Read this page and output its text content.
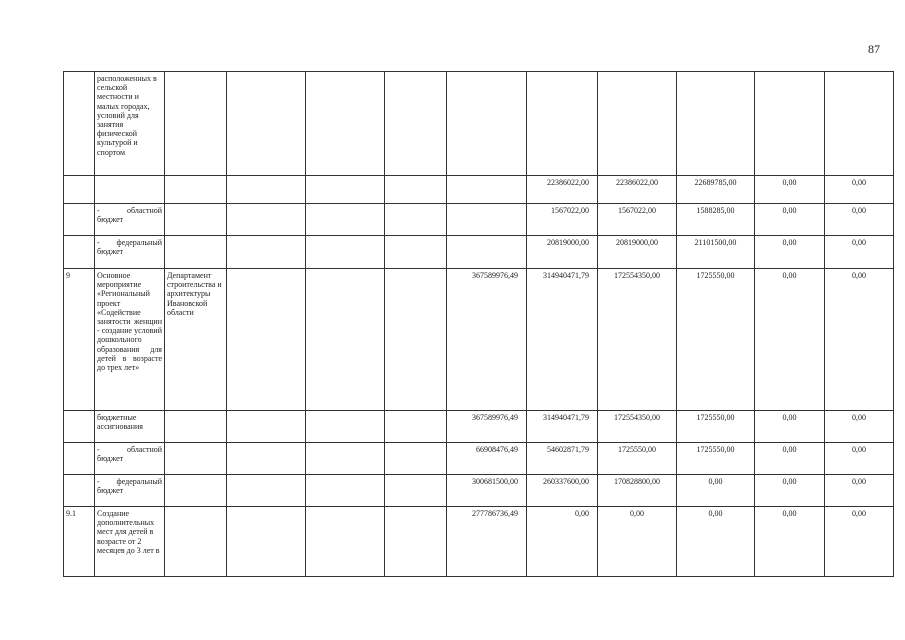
87
	расположенных в сельской местности и малых городах, условий для занятия физической культурой и спортом										
							22386022,00	22386022,00	22689785,00	0,00	0,00
	- областной бюджет						1567022,00	1567022,00	1588285,00	0,00	0,00
	- федеральный бюджет						20819000,00	20819000,00	21101500,00	0,00	0,00
9	Основное мероприятие «Региональный проект «Содействие занятости женщин - создание условий дошкольного образования для детей в возрасте до трех лет»	Департамент строительства и архитектуры Ивановской области				367589976,49	314940471,79	172554350,00	1725550,00	0,00	0,00
	бюджетные ассигнования					367589976,49	314940471,79	172554350,00	1725550,00	0,00	0,00
	- областной бюджет					66908476,49	54602871,79	1725550,00	1725550,00	0,00	0,00
	- федеральный бюджет					300681500,00	260337600,00	170828800,00	0,00	0,00	0,00
9.1	Создание дополнительных мест для детей в возрасте от 2 месяцев до 3 лет в					277786736,49	0,00	0,00	0,00	0,00	0,00
